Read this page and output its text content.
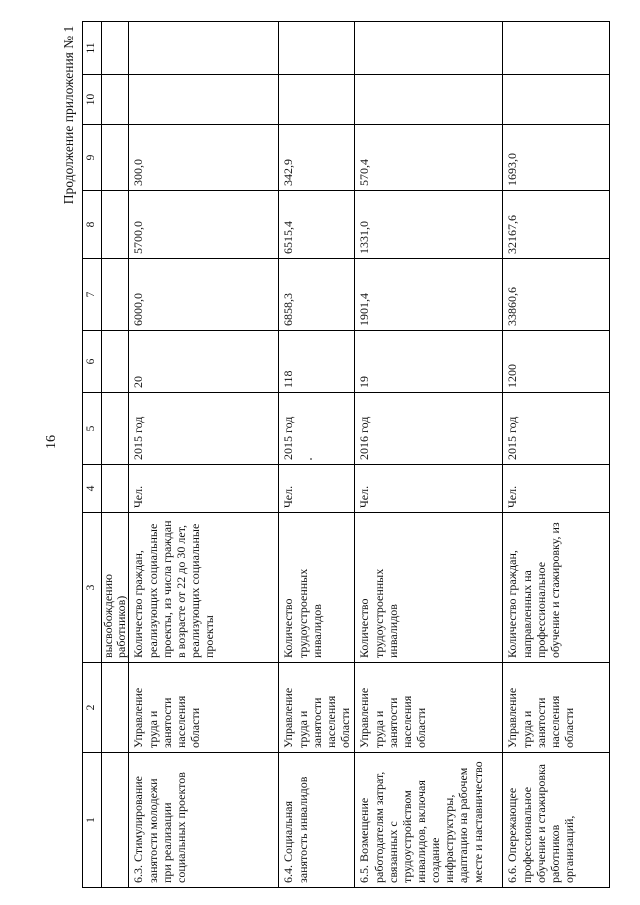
16
Продолжение приложения № 1
1	2	3	4	5	6	7	8	9	10	11
		высвобождению работников)								
6.3. Стимулирование занятости молодежи при реализации социальных проектов	Управление труда и занятости населения области	Количество граждан, реализующих социальные проекты, из числа граждан в возрасте от 22 до 30 лет, реализующих социальные проекты	Чел.	2015 год	20	6000,0	5700,0	300,0		
6.4. Социальная занятость инвалидов	Управление труда и занятости населения области	Количество трудоустроенных инвалидов	Чел.	2015 год	118	6858,3	6515,4	342,9		
6.5. Возмещение работодателям затрат, связанных с трудоустройством инвалидов, включая создание инфраструктуры, адаптацию на рабочем месте и наставничество	Управление труда и занятости населения области	Количество трудоустроенных инвалидов	Чел.	2016 год	19	1901,4	1331,0	570,4		
6.6. Опережающее профессиональное обучение и стажировка работников организаций,	Управление труда и занятости населения области	Количество граждан, направленных на профессиональное обучение и стажировку, из	Чел.	2015 год	1200	33860,6	32167,6	1693,0		
